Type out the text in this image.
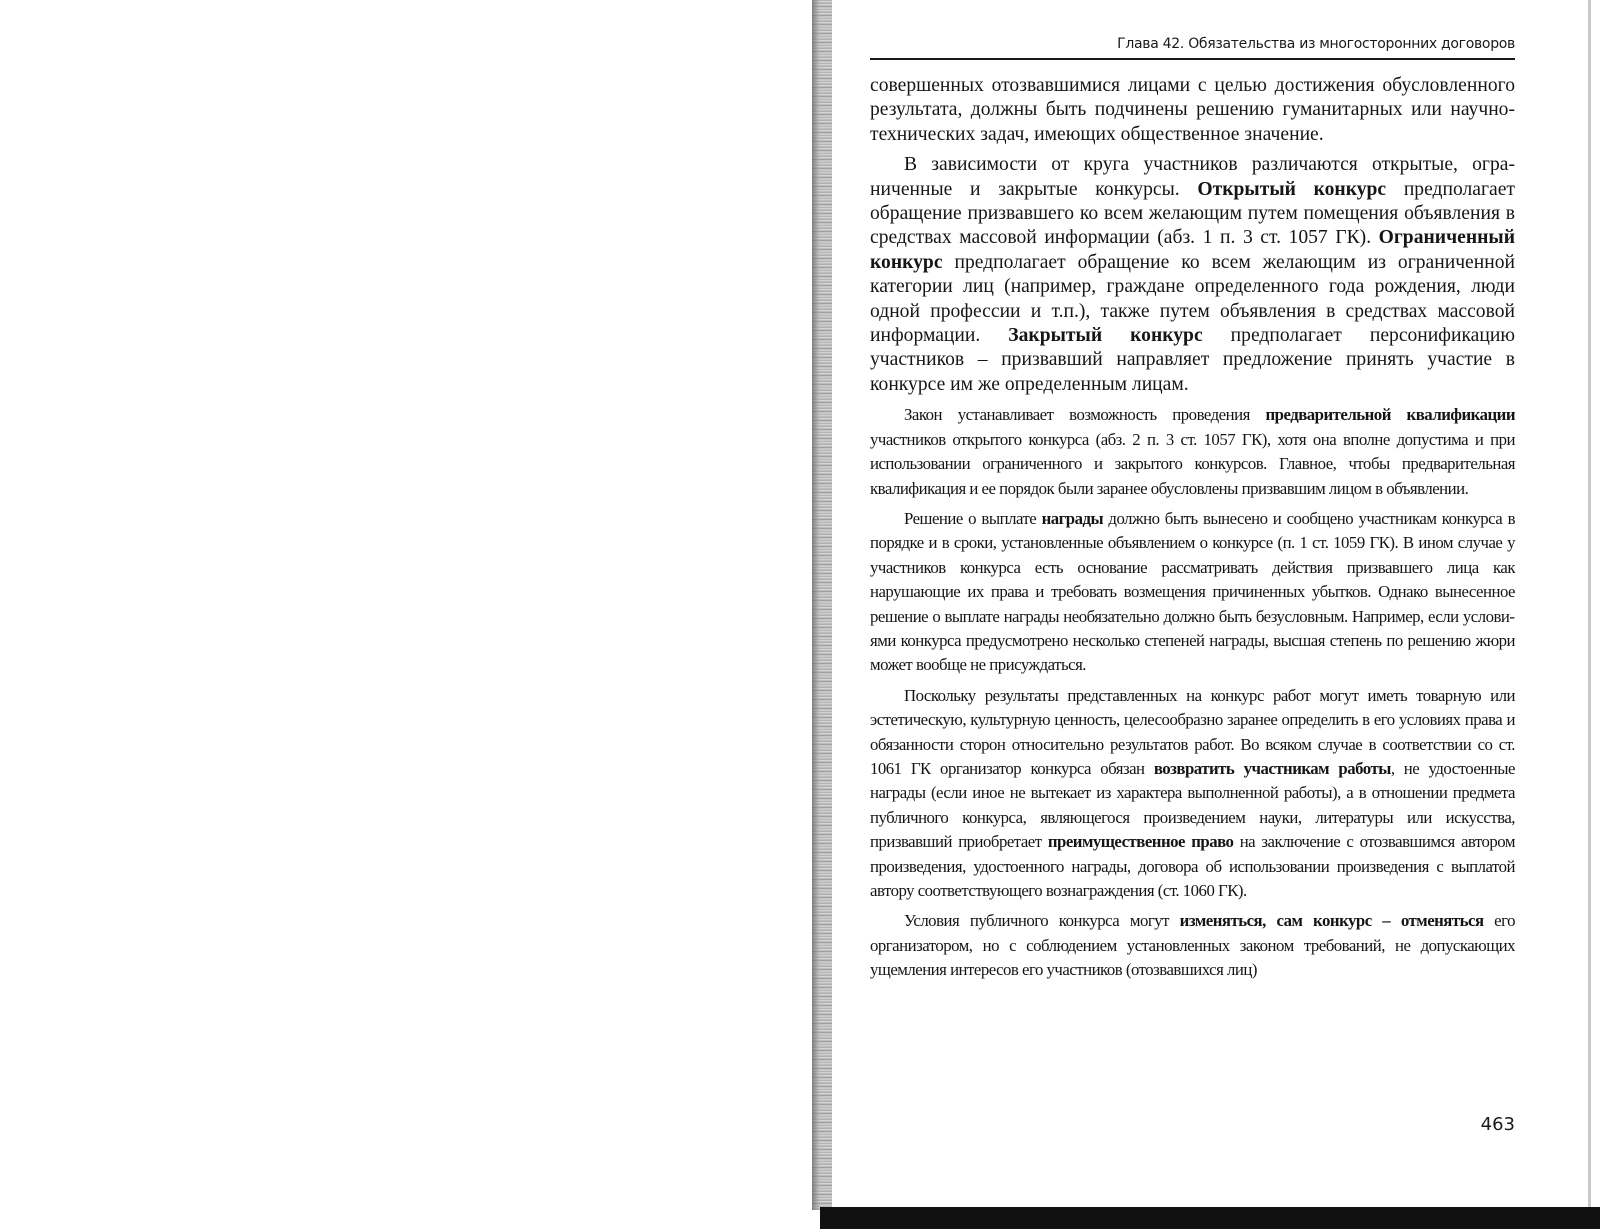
Глава 42. Обязательства из многосторонних договоров

совершенных отозвавшимися лицами с целью достижения обусловленного результата, должны быть подчинены решению гуманитарных или научно-технических задач, имеющих общественное значение.

В зависимости от круга участников различаются открытые, ограниченные и закрытые конкурсы. Открытый конкурс предполагает обращение призвавшего ко всем желающим путем помещения объявления в средствах массовой информации (абз. 1 п. 3 ст. 1057 ГК). Ограниченный конкурс предполагает обращение ко всем желающим из ограниченной категории лиц (например, граждане определенного года рождения, люди одной профессии и т.п.), также путем объявления в средствах массовой информации. Закрытый конкурс предполагает персонификацию участников – призвавший направляет предложение принять участие в конкурсе им же определенным лицам.

Закон устанавливает возможность проведения предварительной квалификации участников открытого конкурса (абз. 2 п. 3 ст. 1057 ГК), хотя она вполне допустима и при использовании ограниченного и закрытого конкурсов. Главное, чтобы предварительная квалификация и ее порядок были заранее обусловлены призвавшим лицом в объявлении.

Решение о выплате награды должно быть вынесено и сообщено участникам конкурса в порядке и в сроки, установленные объявлением о конкурсе (п. 1 ст. 1059 ГК). В ином случае у участников конкурса есть основание рассматривать действия призвавшего лица как нарушающие их права и требовать возмещения причиненных убытков. Однако вынесенное решение о выплате награды необязательно должно быть безусловным. Например, если условиями конкурса предусмотрено несколько степеней награды, высшая степень по решению жюри может вообще не присуждаться.

Поскольку результаты представленных на конкурс работ могут иметь товарную или эстетическую, культурную ценность, целесообразно заранее определить в его условиях права и обязанности сторон относительно результатов работ. Во всяком случае в соответствии со ст. 1061 ГК организатор конкурса обязан возвратить участникам работы, не удостоенные награды (если иное не вытекает из характера выполненной работы), а в отношении предмета публичного конкурса, являющегося произведением науки, литературы или искусства, призвавший приобретает преимущественное право на заключение с отозвавшимся автором произведения, удостоенного награды, договора об использовании произведения с выплатой автору соответствующего вознаграждения (ст. 1060 ГК).

Условия публичного конкурса могут изменяться, сам конкурс – отменяться его организатором, но с соблюдением установленных законом требований, не допускающих ущемления интересов его участников (отозвавшихся лиц)

463
